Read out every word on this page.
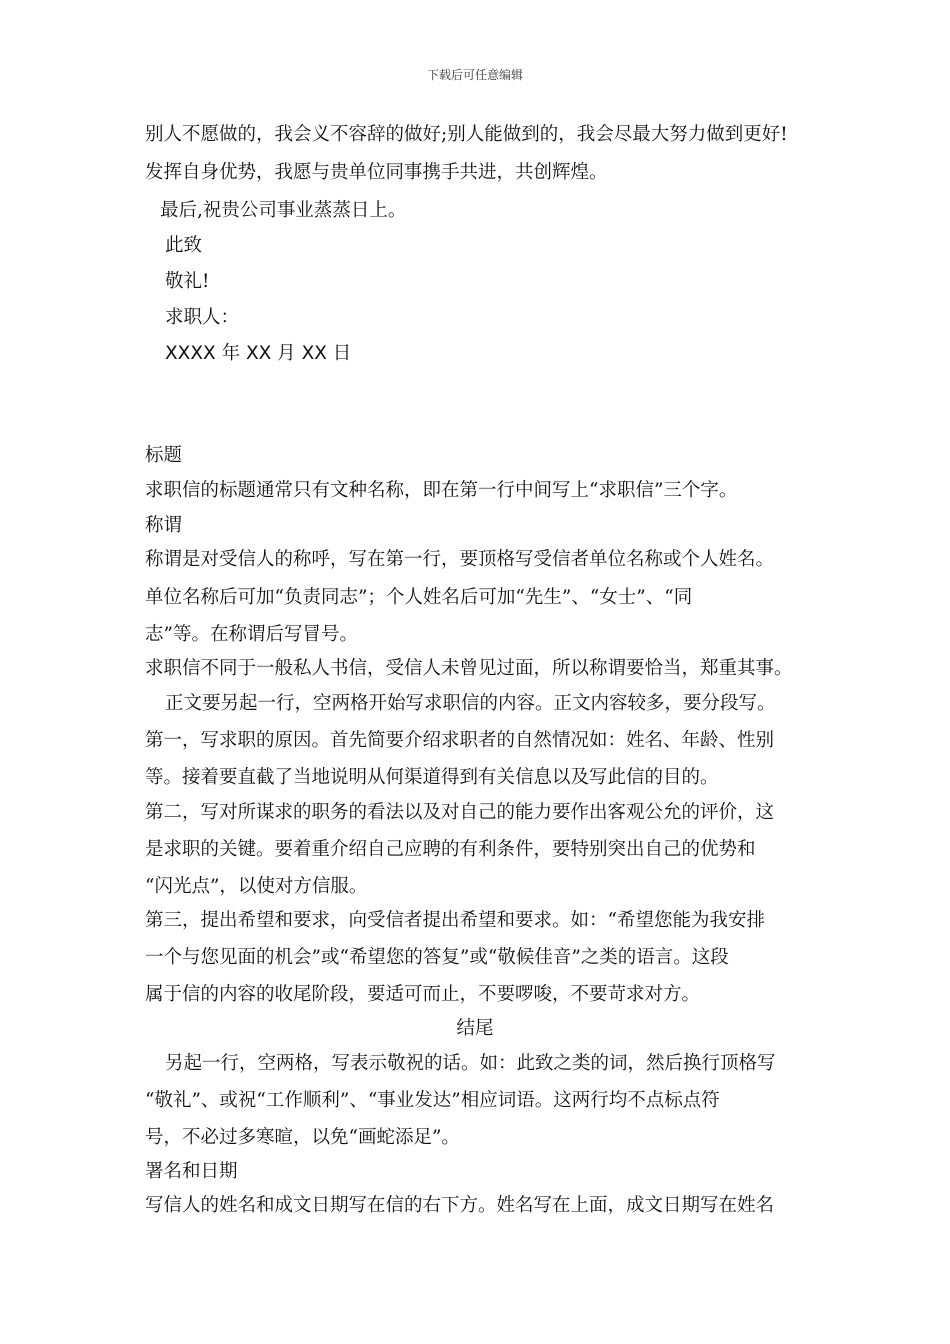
下载后可任意编辑
别人不愿做的，我会义不容辞的做好;别人能做到的，我会尽最大努力做到更好!
发挥自身优势，我愿与贵单位同事携手共进，共创辉煌。
最后,祝贵公司事业蒸蒸日上。
此致
敬礼!
求职人：
XXXX 年 XX 月 XX 日
标题
求职信的标题通常只有文种名称，即在第一行中间写上“求职信”三个字。
称谓
称谓是对受信人的称呼，写在第一行，要顶格写受信者单位名称或个人姓名。
单位名称后可加“负责同志”；个人姓名后可加“先生”、“女士”、“同
志”等。在称谓后写冒号。
求职信不同于一般私人书信，受信人未曾见过面，所以称谓要恰当，郑重其事。
正文要另起一行，空两格开始写求职信的内容。正文内容较多，要分段写。
第一，写求职的原因。首先简要介绍求职者的自然情况如：姓名、年龄、性别
等。接着要直截了当地说明从何渠道得到有关信息以及写此信的目的。
第二，写对所谋求的职务的看法以及对自己的能力要作出客观公允的评价，这
是求职的关键。要着重介绍自己应聘的有利条件，要特别突出自己的优势和
“闪光点”，以使对方信服。
第三，提出希望和要求，向受信者提出希望和要求。如：“希望您能为我安排
一个与您见面的机会”或“希望您的答复”或“敬候佳音”之类的语言。这段
属于信的内容的收尾阶段，要适可而止，不要啰唆，不要苛求对方。
结尾
另起一行，空两格，写表示敬祝的话。如：此致之类的词，然后换行顶格写
“敬礼”、或祝“工作顺利”、“事业发达”相应词语。这两行均不点标点符
号，不必过多寒暄，以免“画蛇添足”。
署名和日期
写信人的姓名和成文日期写在信的右下方。姓名写在上面，成文日期写在姓名
